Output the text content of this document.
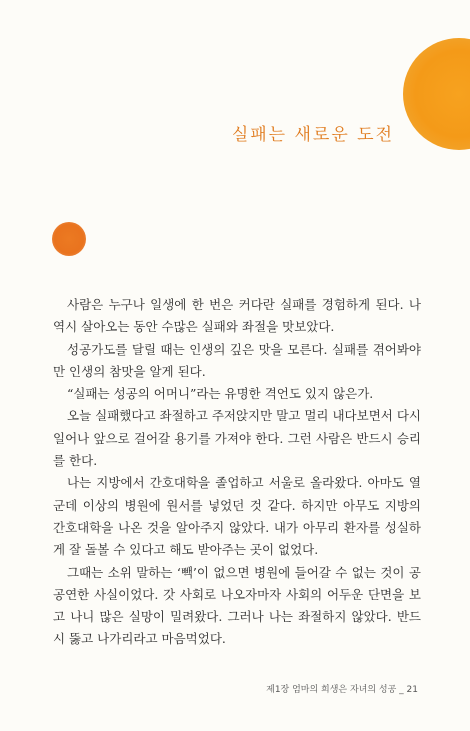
실패는 새로운 도전

사람은 누구나 일생에 한 번은 커다란 실패를 경험하게 된다. 나 역시 살아오는 동안 수많은 실패와 좌절을 맛보았다.

성공가도를 달릴 때는 인생의 깊은 맛을 모른다. 실패를 겪어봐야만 인생의 참맛을 알게 된다.

“실패는 성공의 어머니”라는 유명한 격언도 있지 않은가.

오늘 실패했다고 좌절하고 주저앉지만 말고 멀리 내다보면서 다시 일어나 앞으로 걸어갈 용기를 가져야 한다. 그런 사람은 반드시 승리를 한다.

나는 지방에서 간호대학을 졸업하고 서울로 올라왔다. 아마도 열 군데 이상의 병원에 원서를 넣었던 것 같다. 하지만 아무도 지방의 간호대학을 나온 것을 알아주지 않았다. 내가 아무리 환자를 성실하게 잘 돌볼 수 있다고 해도 받아주는 곳이 없었다.

그때는 소위 말하는 ‘빽’이 없으면 병원에 들어갈 수 없는 것이 공공연한 사실이었다. 갓 사회로 나오자마자 사회의 어두운 단면을 보고 나니 많은 실망이 밀려왔다. 그러나 나는 좌절하지 않았다. 반드시 뚫고 나가리라고 마음먹었다.

제1장 엄마의 희생은 자녀의 성공 _ 21
